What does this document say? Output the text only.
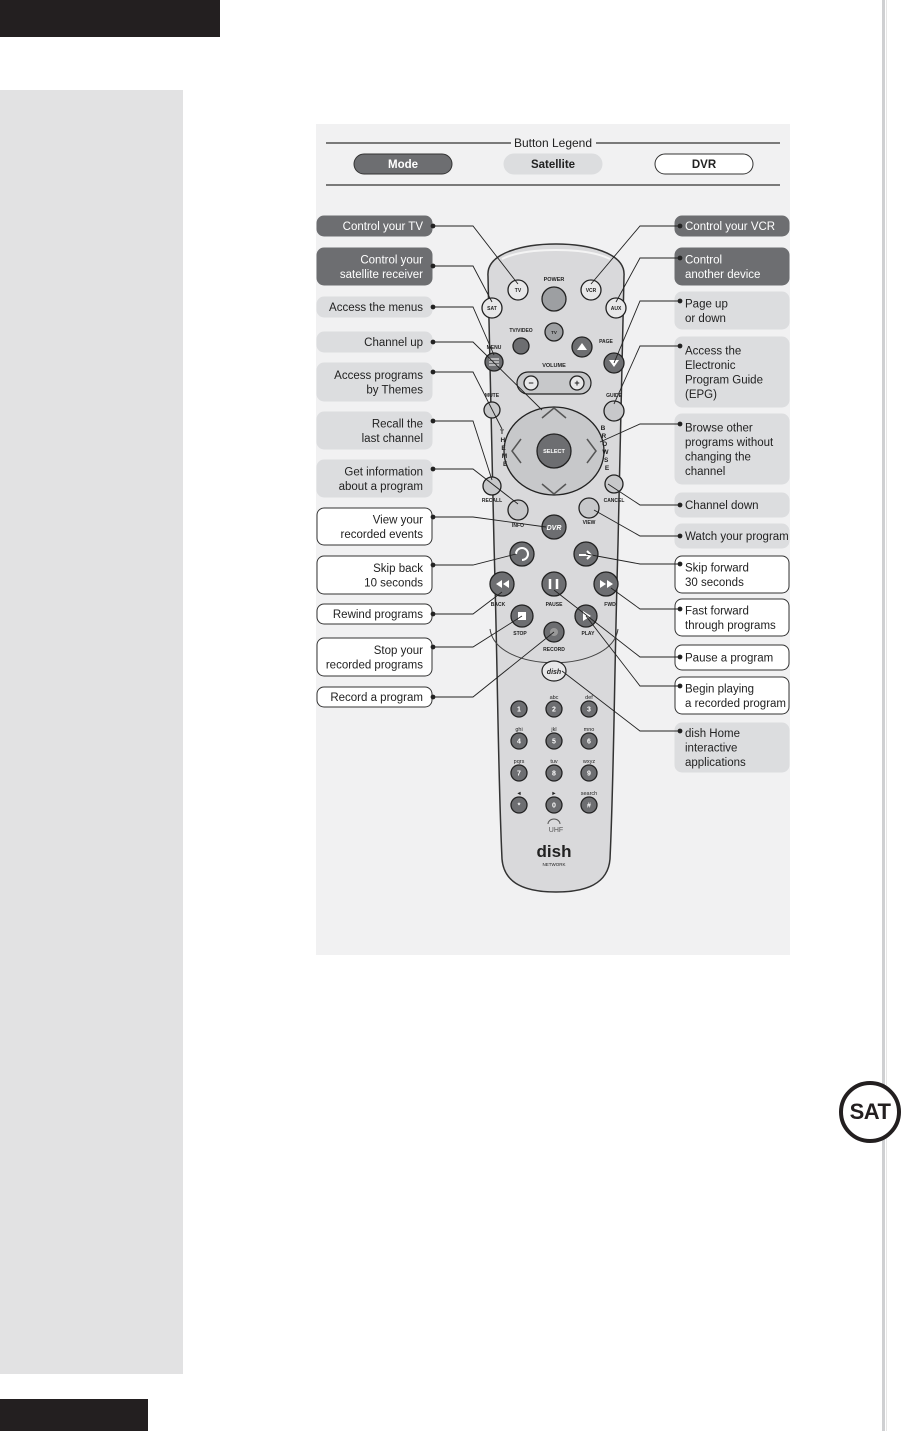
Button Legend
Mode	Satellite	DVR
TV
SAT
VCR
AUX
POWER
TV
TV/VIDEO
MENU
VOLUME
−	+
PAGE
MUTE	GUIDE
SELECT
T H E M E
B R O W S E
RECALL	CANCEL
INFO	VIEW
DVR
BACK	PAUSE	FWD
STOP	PLAY
RECORD
dish
1
abc
2
def
3
ghi
4
jkl
5
mno
6
pqrs
7
tuv
8
wxyz
9
◄
*
►
0
search
#
UHF
dish
NETWORK
Control your TV
Control your
satellite receiver
Access the menus
Channel up
Access programs
by Themes
Recall the
last channel
Get information
about a program
View your
recorded events
Skip back
10 seconds
Rewind programs
Stop your
recorded programs
Record a program
Control your VCR
Control
another device
Page up
or down
Access the
Electronic
Program Guide
(EPG)
Browse other
programs without
changing the
channel
Channel down
Watch your program
Skip forward
30 seconds
Fast forward
through programs
Pause a program
Begin playing
a recorded program
dish Home
interactive
applications
SAT
